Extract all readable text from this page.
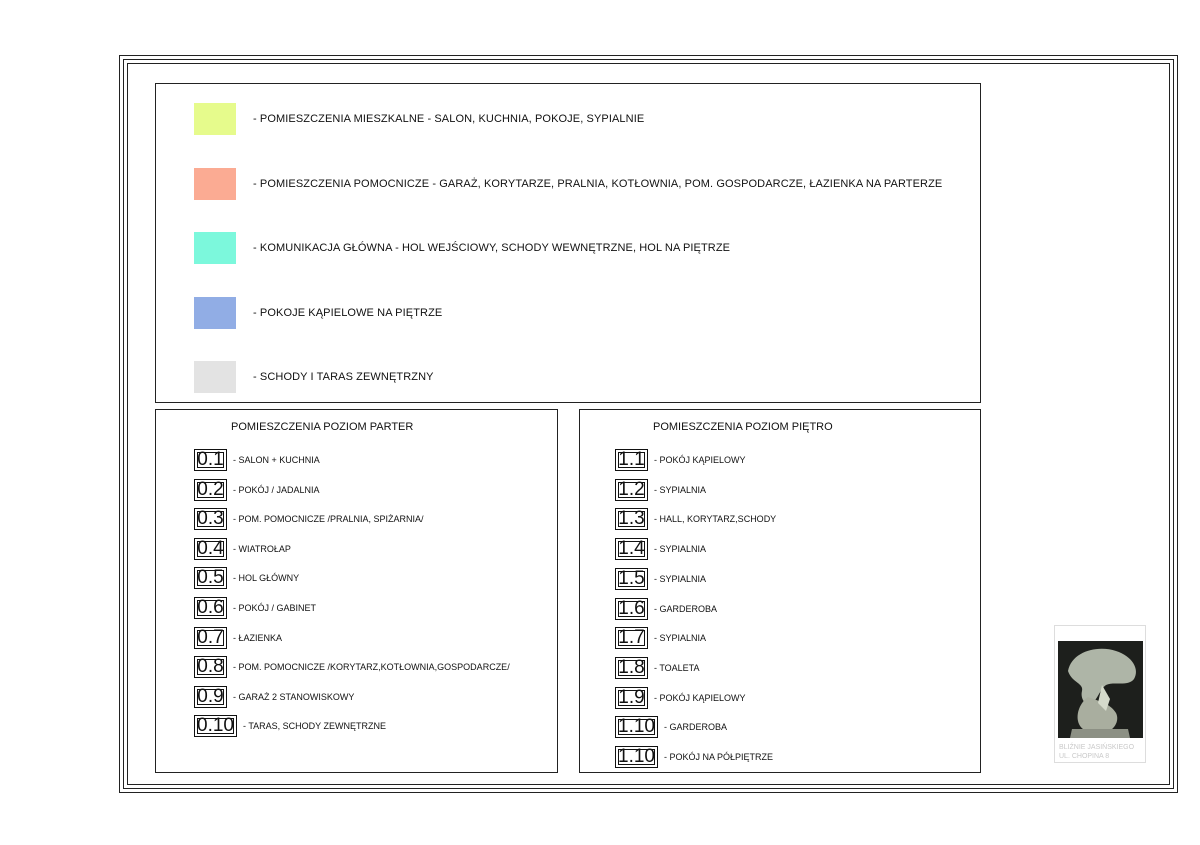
- POMIESZCZENIA MIESZKALNE - SALON, KUCHNIA, POKOJE, SYPIALNIE
- POMIESZCZENIA POMOCNICZE - GARAŻ, KORYTARZE, PRALNIA, KOTŁOWNIA, POM. GOSPODARCZE, ŁAZIENKA NA PARTERZE
- KOMUNIKACJA GŁÓWNA - HOL WEJŚCIOWY, SCHODY WEWNĘTRZNE, HOL NA PIĘTRZE
- POKOJE KĄPIELOWE NA PIĘTRZE
- SCHODY I TARAS ZEWNĘTRZNY
POMIESZCZENIA POZIOM PARTER
0.1	- SALON + KUCHNIA
0.2	- POKÓJ / JADALNIA
0.3	- POM. POMOCNICZE /PRALNIA, SPIŻARNIA/
0.4	- WIATROŁAP
0.5	- HOL GŁÓWNY
0.6	- POKÓJ / GABINET
0.7	- ŁAZIENKA
0.8	- POM. POMOCNICZE /KORYTARZ,KOTŁOWNIA,GOSPODARCZE/
0.9	- GARAŻ 2 STANOWISKOWY
0.10	- TARAS, SCHODY ZEWNĘTRZNE
POMIESZCZENIA POZIOM PIĘTRO
1.1	- POKÓJ KĄPIELOWY
1.2	- SYPIALNIA
1.3	- HALL, KORYTARZ,SCHODY
1.4	- SYPIALNIA
1.5	- SYPIALNIA
1.6	- GARDEROBA
1.7	- SYPIALNIA
1.8	- TOALETA
1.9	- POKÓJ KĄPIELOWY
1.10	- GARDEROBA
1.10	- POKÓJ NA PÓŁPIĘTRZE
BLIŹNIE JASIŃSKIEGO
UL. CHOPINA 8
